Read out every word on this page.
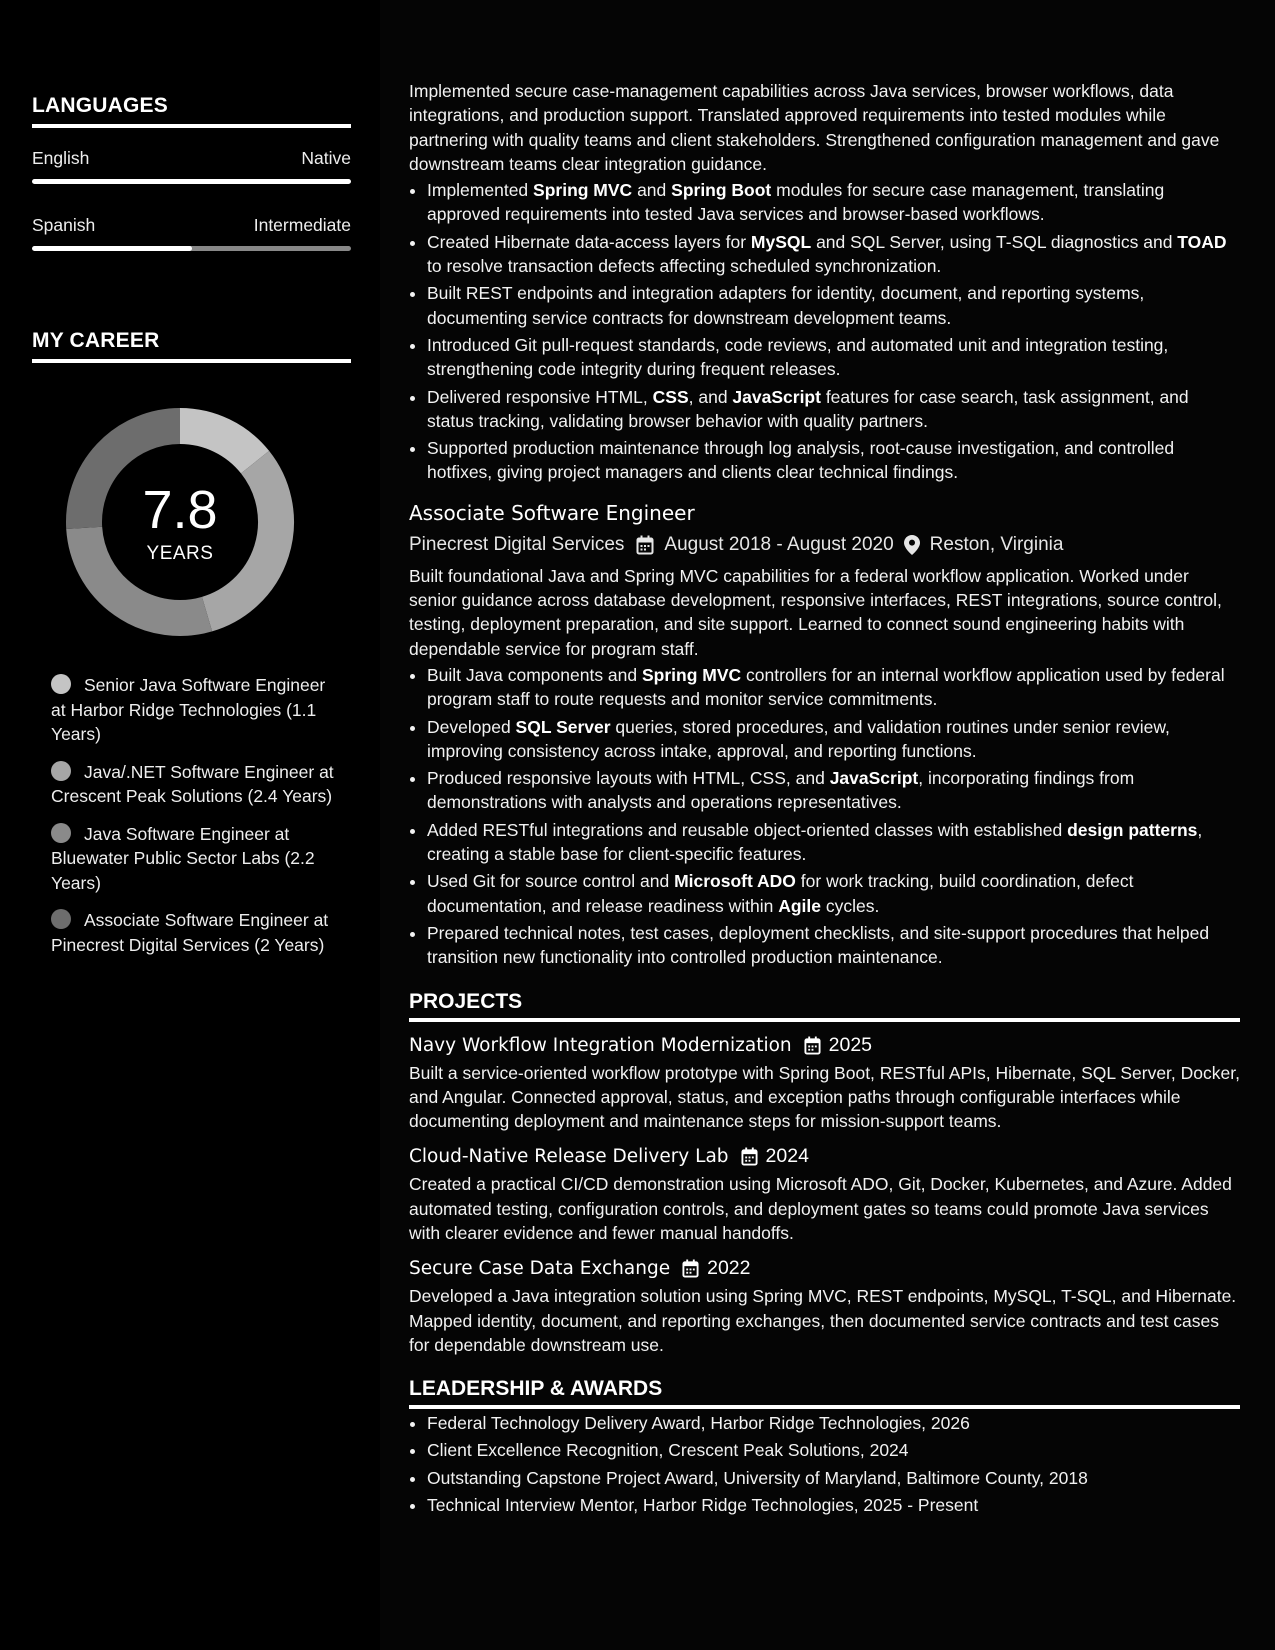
LANGUAGES
English	Native
Spanish	Intermediate
MY CAREER
7.8
YEARS
Senior Java Software Engineer at Harbor Ridge Technologies (1.1 Years)
Java/.NET Software Engineer at Crescent Peak Solutions (2.4 Years)
Java Software Engineer at Bluewater Public Sector Labs (2.2 Years)
Associate Software Engineer at Pinecrest Digital Services (2 Years)

Implemented secure case-management capabilities across Java services, browser workflows, data integrations, and production support. Translated approved requirements into tested modules while partnering with quality teams and client stakeholders. Strengthened configuration management and gave downstream teams clear integration guidance.

• Implemented Spring MVC and Spring Boot modules for secure case management, translating approved requirements into tested Java services and browser-based workflows.
• Created Hibernate data-access layers for MySQL and SQL Server, using T-SQL diagnostics and TOAD to resolve transaction defects affecting scheduled synchronization.
• Built REST endpoints and integration adapters for identity, document, and reporting systems, documenting service contracts for downstream development teams.
• Introduced Git pull-request standards, code reviews, and automated unit and integration testing, strengthening code integrity during frequent releases.
• Delivered responsive HTML, CSS, and JavaScript features for case search, task assignment, and status tracking, validating browser behavior with quality partners.
• Supported production maintenance through log analysis, root-cause investigation, and controlled hotfixes, giving project managers and clients clear technical findings.
Associate Software Engineer
Pinecrest Digital Services August 2018 - August 2020 Reston, Virginia

Built foundational Java and Spring MVC capabilities for a federal workflow application. Worked under senior guidance across database development, responsive interfaces, REST integrations, source control, testing, deployment preparation, and site support. Learned to connect sound engineering habits with dependable service for program staff.

• Built Java components and Spring MVC controllers for an internal workflow application used by federal program staff to route requests and monitor service commitments.
• Developed SQL Server queries, stored procedures, and validation routines under senior review, improving consistency across intake, approval, and reporting functions.
• Produced responsive layouts with HTML, CSS, and JavaScript, incorporating findings from demonstrations with analysts and operations representatives.
• Added RESTful integrations and reusable object-oriented classes with established design patterns, creating a stable base for client-specific features.
• Used Git for source control and Microsoft ADO for work tracking, build coordination, defect documentation, and release readiness within Agile cycles.
• Prepared technical notes, test cases, deployment checklists, and site-support procedures that helped transition new functionality into controlled production maintenance.
PROJECTS
Navy Workflow Integration Modernization 2025

Built a service-oriented workflow prototype with Spring Boot, RESTful APIs, Hibernate, SQL Server, Docker, and Angular. Connected approval, status, and exception paths through configurable interfaces while documenting deployment and maintenance steps for mission-support teams.

Cloud-Native Release Delivery Lab 2024

Created a practical CI/CD demonstration using Microsoft ADO, Git, Docker, Kubernetes, and Azure. Added automated testing, configuration controls, and deployment gates so teams could promote Java services with clearer evidence and fewer manual handoffs.

Secure Case Data Exchange 2022

Developed a Java integration solution using Spring MVC, REST endpoints, MySQL, T-SQL, and Hibernate. Mapped identity, document, and reporting exchanges, then documented service contracts and test cases for dependable downstream use.

LEADERSHIP & AWARDS
• Federal Technology Delivery Award, Harbor Ridge Technologies, 2026
• Client Excellence Recognition, Crescent Peak Solutions, 2024
• Outstanding Capstone Project Award, University of Maryland, Baltimore County, 2018
• Technical Interview Mentor, Harbor Ridge Technologies, 2025 - Present
